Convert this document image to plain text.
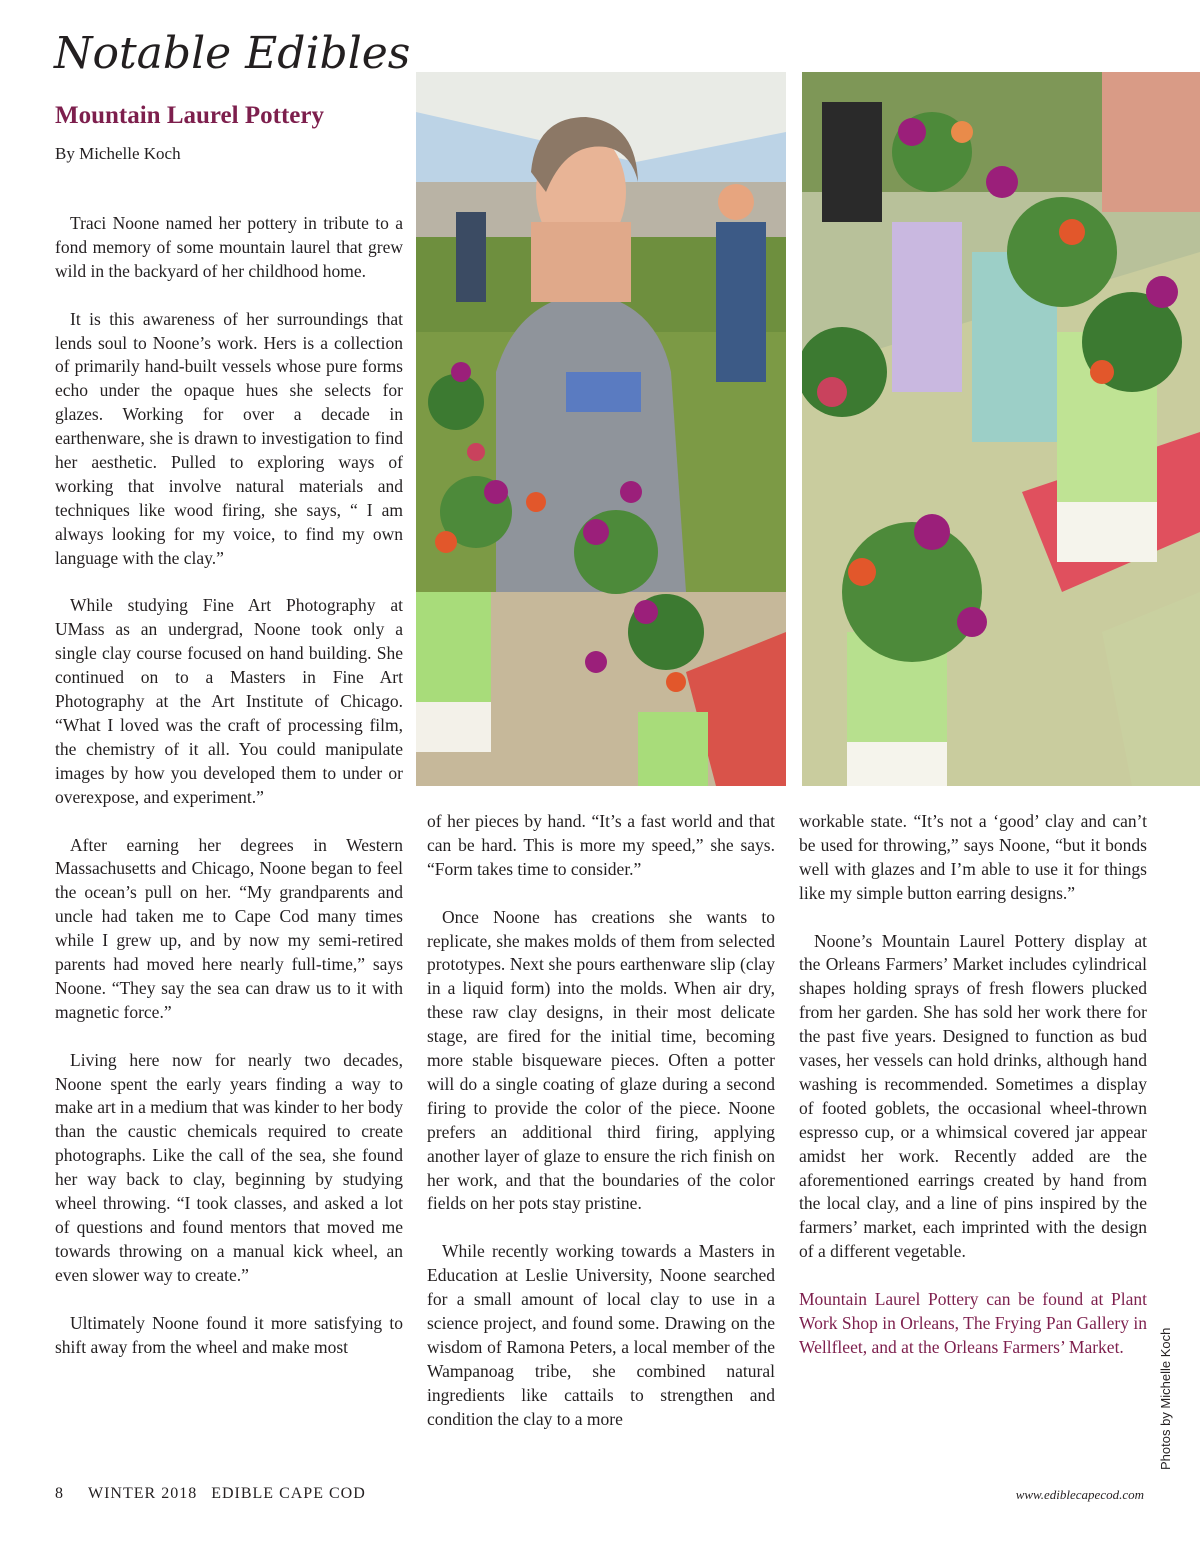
Notable Edibles
Mountain Laurel Pottery

By Michelle Koch

Traci Noone named her pottery in tribute to a fond memory of some mountain laurel that grew wild in the backyard of her childhood home.

It is this awareness of her surroundings that lends soul to Noone’s work. Hers is a collection of primarily hand-built vessels whose pure forms echo under the opaque hues she selects for glazes. Working for over a decade in earthenware, she is drawn to investigation to find her aesthetic. Pulled to exploring ways of working that involve natural materials and techniques like wood firing, she says, “ I am always looking for my voice, to find my own language with the clay.”

While studying Fine Art Photography at UMass as an undergrad, Noone took only a single clay course focused on hand building. She continued on to a Masters in Fine Art Photography at the Art Institute of Chicago. “What I loved was the craft of processing film, the chemistry of it all. You could manipulate images by how you developed them to under or overexpose, and experiment.”

After earning her degrees in Western Massachusetts and Chicago, Noone began to feel the ocean’s pull on her. “My grandparents and uncle had taken me to Cape Cod many times while I grew up, and by now my semi-retired parents had moved here nearly full-time,” says Noone. “They say the sea can draw us to it with magnetic force.”

Living here now for nearly two decades, Noone spent the early years finding a way to make art in a medium that was kinder to her body than the caustic chemicals required to create photographs. Like the call of the sea, she found her way back to clay, beginning by studying wheel throwing. “I took classes, and asked a lot of questions and found mentors that moved me towards throwing on a manual kick wheel, an even slower way to create.”

Ultimately Noone found it more satisfying to shift away from the wheel and make most

of her pieces by hand. “It’s a fast world and that can be hard. This is more my speed,” she says. “Form takes time to consider.”

Once Noone has creations she wants to replicate, she makes molds of them from selected prototypes. Next she pours earthenware slip (clay in a liquid form) into the molds. When air dry, these raw clay designs, in their most delicate stage, are fired for the initial time, becoming more stable bisqueware pieces. Often a potter will do a single coating of glaze during a second firing to provide the color of the piece. Noone prefers an additional third firing, applying another layer of glaze to ensure the rich finish on her work, and that the boundaries of the color fields on her pots stay pristine.

While recently working towards a Masters in Education at Leslie University, Noone searched for a small amount of local clay to use in a science project, and found some. Drawing on the wisdom of Ramona Peters, a local member of the Wampanoag tribe, she combined natural ingredients like cattails to strengthen and condition the clay to a more

workable state. “It’s not a ‘good’ clay and can’t be used for throwing,” says Noone, “but it bonds well with glazes and I’m able to use it for things like my simple button earring designs.”

Noone’s Mountain Laurel Pottery display at the Orleans Farmers’ Market includes cylindrical shapes holding sprays of fresh flowers plucked from her garden. She has sold her work there for the past five years. Designed to function as bud vases, her vessels can hold drinks, although hand washing is recommended. Sometimes a display of footed goblets, the occasional wheel-thrown espresso cup, or a whimsical covered jar appear amidst her work. Recently added are the aforementioned earrings created by hand from the local clay, and a line of pins inspired by the farmers’ market, each imprinted with the design of a different vegetable.

Mountain Laurel Pottery can be found at Plant Work Shop in Orleans, The Frying Pan Gallery in Wellfleet, and at the Orleans Farmers’ Market.	Photos by Michelle Koch
8 WINTER 2018 EDIBLE CAPE COD	www.ediblecapecod.com
